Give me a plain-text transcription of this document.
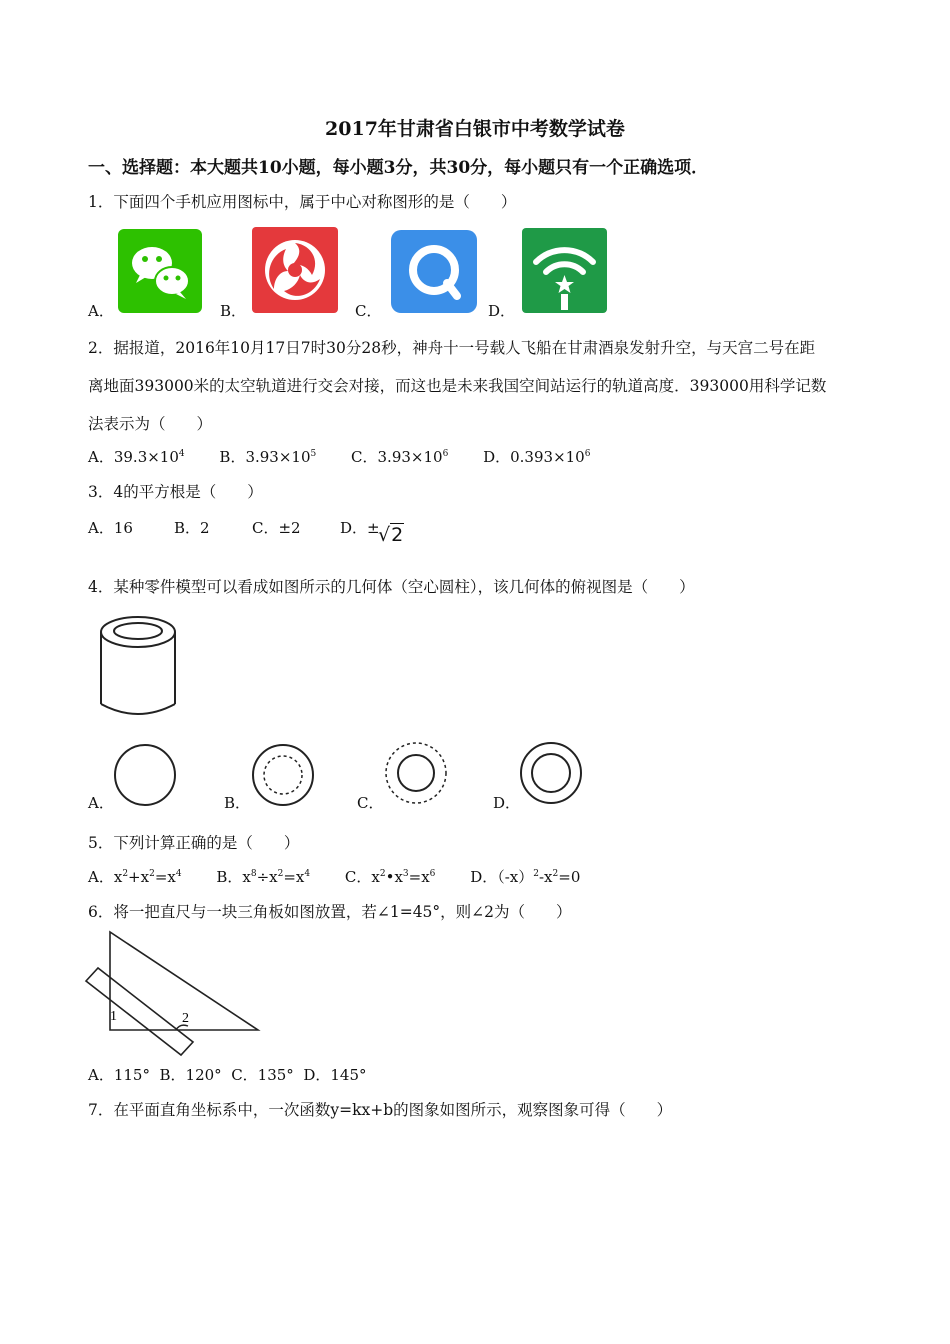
2017年甘肃省白银市中考数学试卷
一、选择题：本大题共10小题，每小题3分，共30分，每小题只有一个正确选项．
1．下面四个手机应用图标中，属于中心对称图形的是（　　）
A．	B．	C．	D．
2．据报道，2016年10月17日7时30分28秒，神舟十一号载人飞船在甘肃酒泉发射升空，与天宫二号在距
离地面393000米的太空轨道进行交会对接，而这也是未来我国空间站运行的轨道高度．393000用科学记数
法表示为（　　）
A．$39.3\times 10^4$ B．$3.93\times 10^5$ C．$3.93\times 10^6$ D．$0.393\times 10^6$
3．4的平方根是（　　）
A．16	B．2	C．±2	D．±
√2
4．某种零件模型可以看成如图所示的几何体（空心圆柱），该几何体的俯视图是（　　）
A．	B．	C．	D．
5．下列计算正确的是（　　）
A．$x^2+x^2=x^4$ B．$x^8\div x^2=x^4$ C．$x^2•x^3=x^6$ D．$(-x)^2-x^2=0$
6．将一把直尺与一块三角板如图放置，若∠1=45°，则∠2为（　　）
1	2
A．115°  B．120°  C．135°  D．145°
7．在平面直角坐标系中，一次函数y=kx+b的图象如图所示，观察图象可得（　　）
